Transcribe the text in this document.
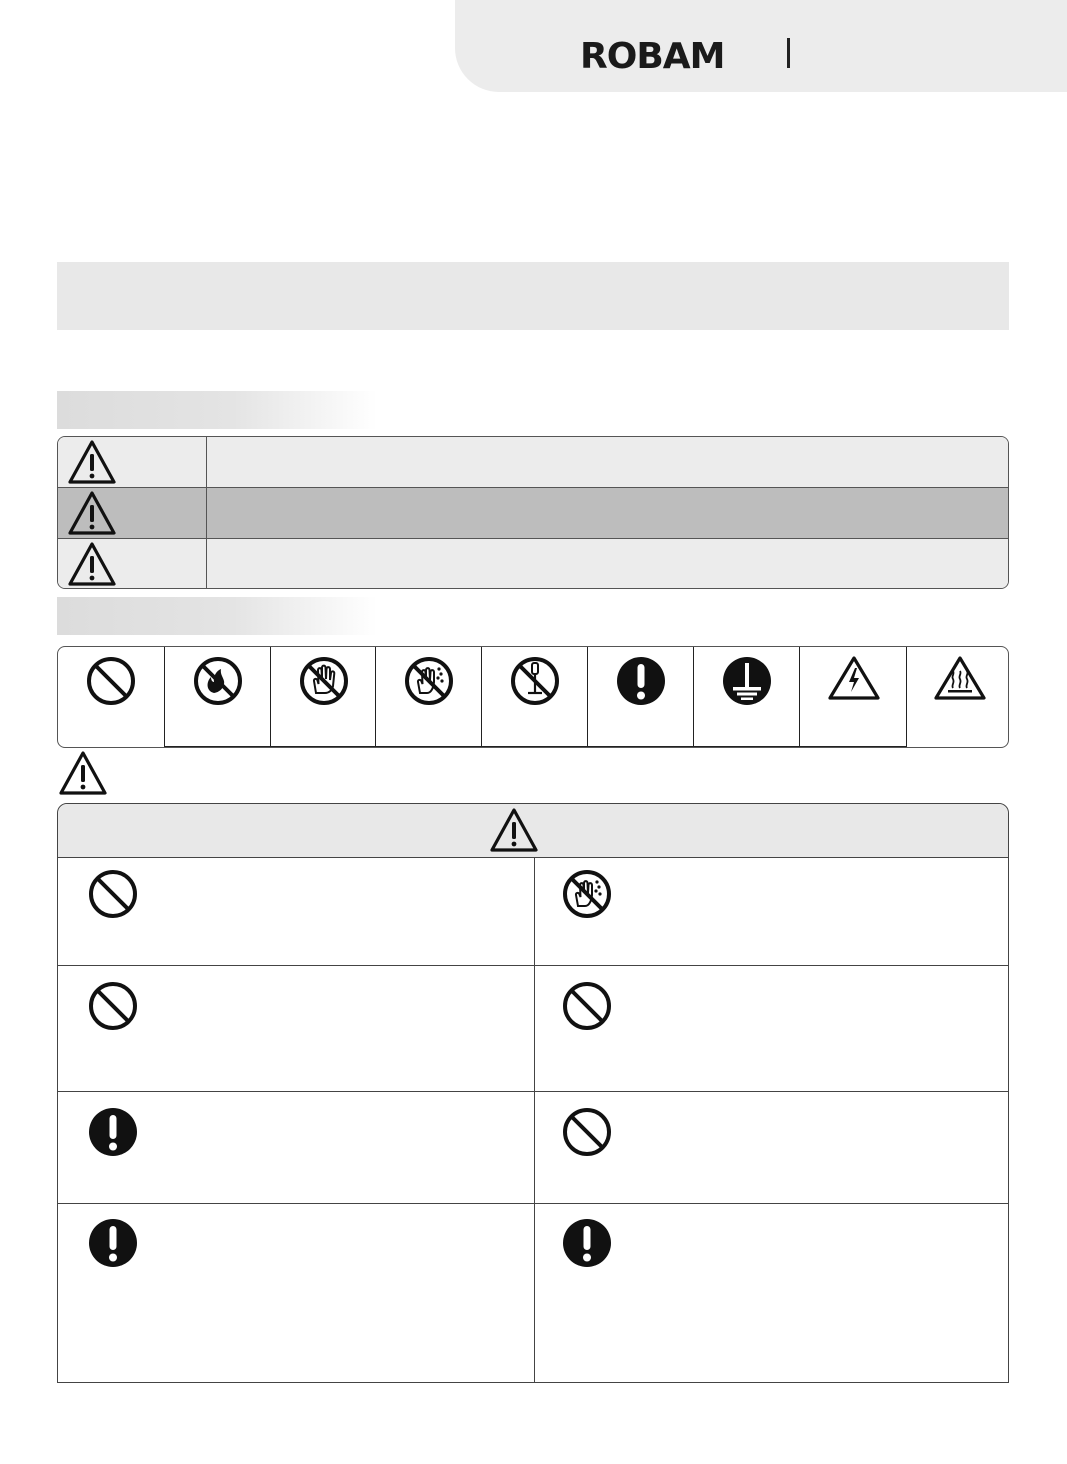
ROBAM
